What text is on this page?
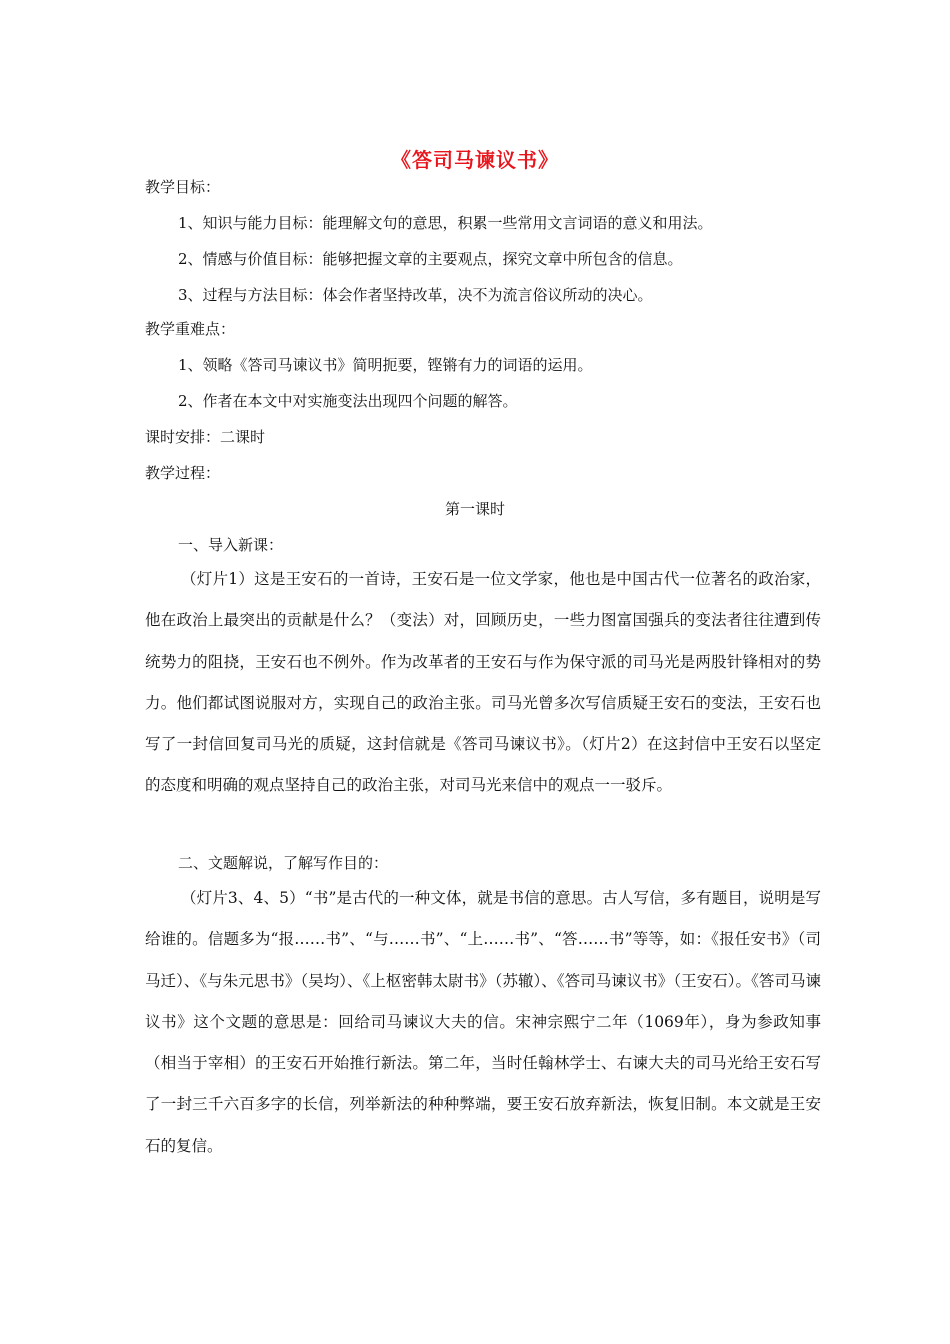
《答司马谏议书》
教学目标：
1、知识与能力目标：能理解文句的意思，积累一些常用文言词语的意义和用法。
2、情感与价值目标：能够把握文章的主要观点，探究文章中所包含的信息。
3、过程与方法目标：体会作者坚持改革，决不为流言俗议所动的决心。
教学重难点：
1、领略《答司马谏议书》简明扼要，铿锵有力的词语的运用。
2、作者在本文中对实施变法出现四个问题的解答。
课时安排：二课时
教学过程：
第一课时
一、导入新课：
（灯片1）这是王安石的一首诗，王安石是一位文学家，他也是中国古代一位著名的政治家，他在政治上最突出的贡献是什么？（变法）对，回顾历史，一些力图富国强兵的变法者往往遭到传统势力的阻挠，王安石也不例外。作为改革者的王安石与作为保守派的司马光是两股针锋相对的势力。他们都试图说服对方，实现自己的政治主张。司马光曾多次写信质疑王安石的变法，王安石也写了一封信回复司马光的质疑，这封信就是《答司马谏议书》。（灯片2）在这封信中王安石以坚定的态度和明确的观点坚持自己的政治主张，对司马光来信中的观点一一驳斥。
二、文题解说，了解写作目的：
（灯片3、4、5）“书”是古代的一种文体，就是书信的意思。古人写信，多有题目，说明是写给谁的。信题多为“报……书”、“与……书”、“上……书”、“答……书”等等，如：《报任安书》（司马迁）、《与朱元思书》（吴均）、《上枢密韩太尉书》（苏辙）、《答司马谏议书》（王安石）。《答司马谏议书》这个文题的意思是：回给司马谏议大夫的信。宋神宗熙宁二年（1069年），身为参政知事（相当于宰相）的王安石开始推行新法。第二年，当时任翰林学士、右谏大夫的司马光给王安石写了一封三千六百多字的长信，列举新法的种种弊端，要王安石放弃新法，恢复旧制。本文就是王安石的复信。
